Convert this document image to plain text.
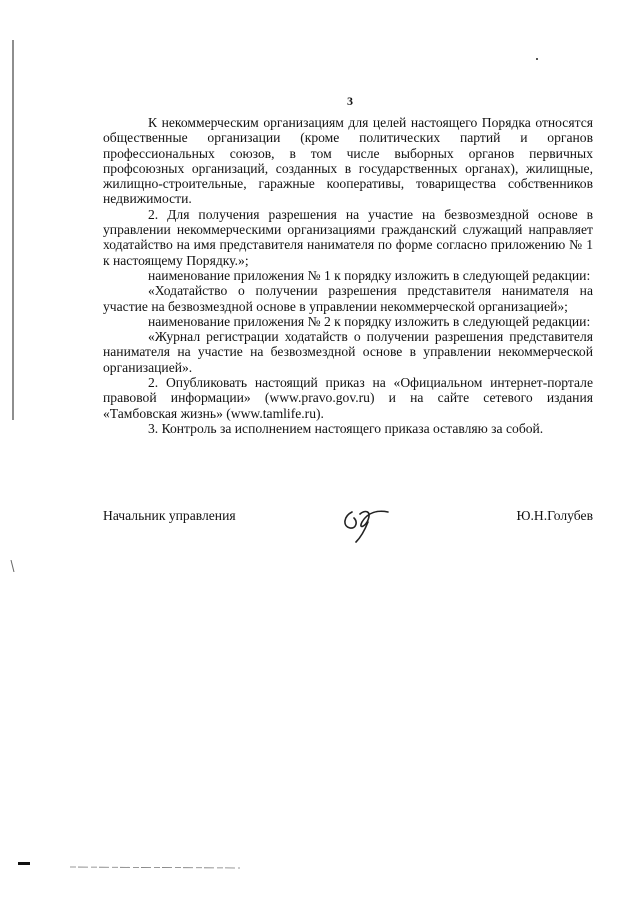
3

К некоммерческим организациям для целей настоящего Порядка относятся общественные организации (кроме политических партий и органов профессиональных союзов, в том числе выборных органов первичных профсоюзных организаций, созданных в государственных органах), жилищные, жилищно-строительные, гаражные кооперативы, товарищества собственников недвижимости.

2. Для получения разрешения на участие на безвозмездной основе в управлении некоммерческими организациями гражданский служащий направляет ходатайство на имя представителя нанимателя по форме согласно приложению № 1 к настоящему Порядку.»;

наименование приложения № 1 к порядку изложить в следующей редакции:

«Ходатайство о получении разрешения представителя нанимателя на участие на безвозмездной основе в управлении некоммерческой организацией»;

наименование приложения № 2 к порядку изложить в следующей редакции:

«Журнал регистрации ходатайств о получении разрешения представителя нанимателя на участие на безвозмездной основе в управлении некоммерческой организацией».

2. Опубликовать настоящий приказ на «Официальном интернет-портале правовой информации» (www.pravo.gov.ru) и на сайте сетевого издания «Тамбовская жизнь» (www.tamlife.ru).

3. Контроль за исполнением настоящего приказа оставляю за собой.

Начальник управления	Ю.Н.Голубев
